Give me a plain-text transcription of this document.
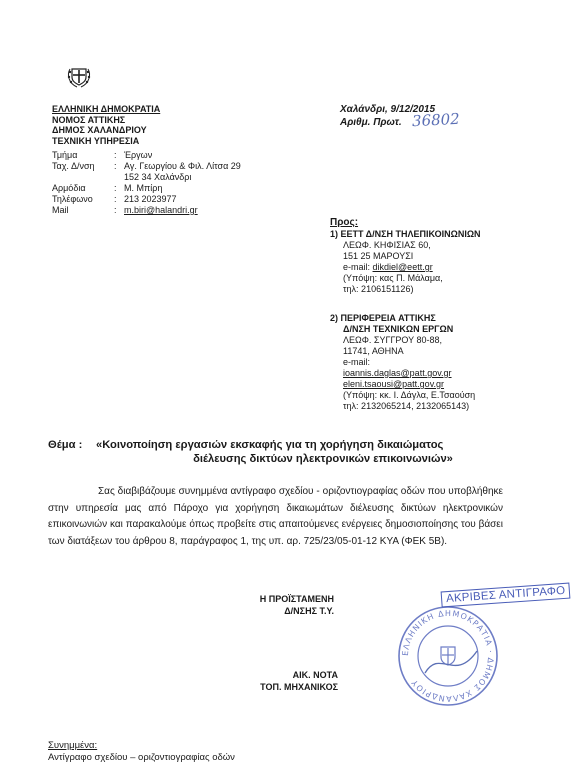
ΕΛΛΗΝΙΚΗ ΔΗΜΟΚΡΑΤΙΑ
ΝΟΜΟΣ ΑΤΤΙΚΗΣ
ΔΗΜΟΣ ΧΑΛΑΝΔΡΙΟΥ
ΤΕΧΝΙΚΗ ΥΠΗΡΕΣΙΑ
Χαλάνδρι, 9/12/2015
Αριθμ. Πρωτ. 36802
Τμήμα	: Έργων
Ταχ. Δ/νση	: Αγ. Γεωργίου & Φιλ. Λίτσα 29
152 34 Χαλάνδρι
Αρμόδια	: Μ. Μπίρη
Τηλέφωνο	: 213 2023977
Mail	: m.biri@halandri.gr
Προς:
1) ΕΕΤΤ Δ/ΝΣΗ ΤΗΛΕΠΙΚΟΙΝΩΝΙΩΝ
ΛΕΩΦ. ΚΗΦΙΣΙΑΣ 60,
151 25 ΜΑΡΟΥΣΙ
e-mail: dikdiel@eett.gr
(Υπόψη: κας Π. Μάλαμα,
τηλ: 2106151126)
2) ΠΕΡΙΦΕΡΕΙΑ ΑΤΤΙΚΗΣ
Δ/ΝΣΗ ΤΕΧΝΙΚΩΝ ΕΡΓΩΝ
ΛΕΩΦ. ΣΥΓΓΡΟΥ 80-88,
11741, ΑΘΗΝΑ
e-mail:
ioannis.daglas@patt.gov.gr
eleni.tsaousi@patt.gov.gr
(Υπόψη: κκ. Ι. Δάγλα, Ε.Τσαούση
τηλ: 2132065214, 2132065143)
Θέμα : «Κοινοποίηση εργασιών εκσκαφής για τη χορήγηση δικαιώματος
διέλευσης δικτύων ηλεκτρονικών επικοινωνιών»
Σας διαβιβάζουμε συνημμένα αντίγραφο σχεδίου - οριζοντιογραφίας οδών που υποβλήθηκε στην υπηρεσία μας από Πάροχο για χορήγηση δικαιωμάτων διέλευσης δικτύων ηλεκτρονικών επικοινωνιών και παρακαλούμε όπως προβείτε στις απαιτούμενες ενέργειες δημοσιοποίησης του βάσει των διατάξεων του άρθρου 8, παράγραφος 1, της υπ. αρ. 725/23/05-01-12 ΚΥΑ (ΦΕΚ 5Β).
ΑΚΡΙΒΕΣ ΑΝΤΙΓΡΑΦΟ
ΕΛΛΗΝΙΚΗ ΔΗΜΟΚΡΑΤΙΑ · ΔΗΜΟΣ ΧΑΛΑΝΔΡΙΟΥ
Η ΠΡΟΪΣΤΑΜΕΝΗ
Δ/ΝΣΗΣ Τ.Υ.
ΑΙΚ. ΝΟΤΑ
ΤΟΠ. ΜΗΧΑΝΙΚΟΣ
Συνημμένα:
Αντίγραφο σχεδίου – οριζοντιογραφίας οδών
